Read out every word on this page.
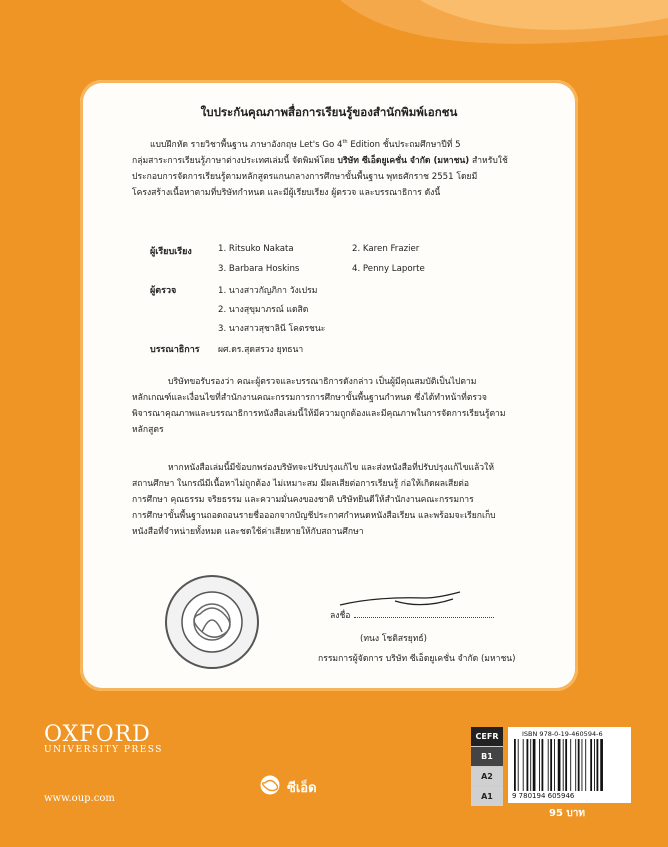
ใบประกันคุณภาพสื่อการเรียนรู้ของสำนักพิมพ์เอกชน
แบบฝึกหัด รายวิชาพื้นฐาน ภาษาอังกฤษ Let's Go 4th Edition ชั้นประถมศึกษาปีที่ 5
กลุ่มสาระการเรียนรู้ภาษาต่างประเทศเล่มนี้ จัดพิมพ์โดย บริษัท ซีเอ็ดยูเคชั่น จำกัด (มหาชน) สำหรับใช้
ประกอบการจัดการเรียนรู้ตามหลักสูตรแกนกลางการศึกษาขั้นพื้นฐาน พุทธศักราช 2551 โดยมี
โครงสร้างเนื้อหาตามที่บริษัทกำหนด และมีผู้เรียบเรียง ผู้ตรวจ และบรรณาธิการ ดังนี้
ผู้เรียบเรียง	1. Ritsuko Nakata	2. Karen Frazier
3. Barbara Hoskins	4. Penny Laporte
ผู้ตรวจ	1. นางสาวกัญภิกา วังเปรม
2. นางสุขุมาภรณ์ แดสิด
3. นางสาวสุชาลินี โคตรชนะ
บรรณาธิการ ผศ.ดร.สุดสรวง ยุทธนา
บริษัทขอรับรองว่า คณะผู้ตรวจและบรรณาธิการดังกล่าว เป็นผู้มีคุณสมบัติเป็นไปตาม
หลักเกณฑ์และเงื่อนไขที่สำนักงานคณะกรรมการการศึกษาขั้นพื้นฐานกำหนด ซึ่งได้ทำหน้าที่ตรวจ
พิจารณาคุณภาพและบรรณาธิการหนังสือเล่มนี้ให้มีความถูกต้องและมีคุณภาพในการจัดการเรียนรู้ตาม
หลักสูตร
หากหนังสือเล่มนี้มีข้อบกพร่องบริษัทจะปรับปรุงแก้ไข และส่งหนังสือที่ปรับปรุงแก้ไขแล้วให้
สถานศึกษา ในกรณีมีเนื้อหาไม่ถูกต้อง ไม่เหมาะสม มีผลเสียต่อการเรียนรู้ ก่อให้เกิดผลเสียต่อ
การศึกษา คุณธรรม จริยธรรม และความมั่นคงของชาติ บริษัทยินดีให้สำนักงานคณะกรรมการ
การศึกษาขั้นพื้นฐานถอดถอนรายชื่อออกจากบัญชีประกาศกำหนดหนังสือเรียน และพร้อมจะเรียกเก็บ
หนังสือที่จำหน่ายทั้งหมด และชดใช้ค่าเสียหายให้กับสถานศึกษา
ลงชื่อ
(ทนง โชติสรยุทธ์)
กรรมการผู้จัดการ บริษัท ซีเอ็ดยูเคชั่น จำกัด (มหาชน)
OXFORD
UNIVERSITY PRESS
www.oup.com
ซีเอ็ด
CEFR
B1
A2
A1
ISBN 978-0-19-460594-6
9 780194 605946
95 บาท
